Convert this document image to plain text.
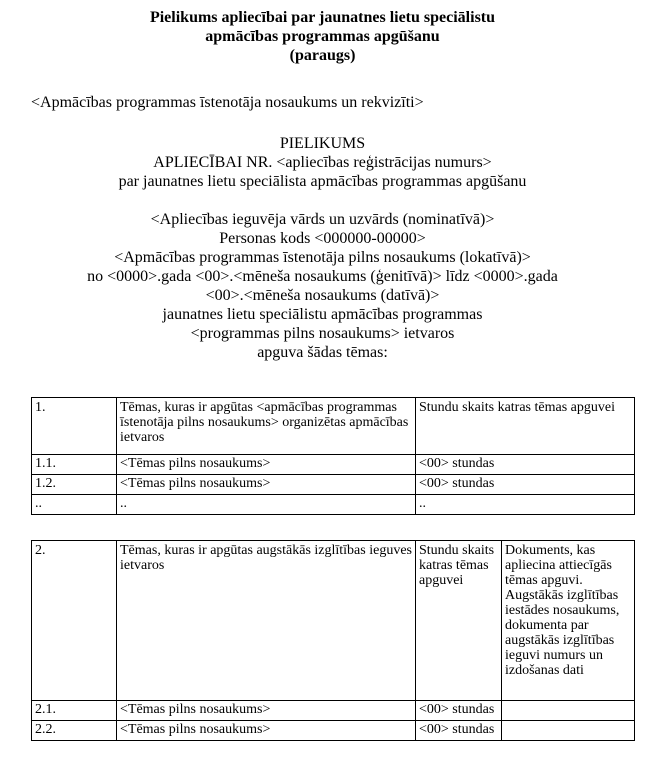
Pielikums apliecībai par jaunatnes lietu speciālistu
apmācības programmas apgūšanu
(paraugs)
<Apmācības programmas īstenotāja nosaukums un rekvizīti>
PIELIKUMS
APLIECĪBAI NR. <apliecības reģistrācijas numurs>
par jaunatnes lietu speciālista apmācības programmas apgūšanu
<Apliecības ieguvēja vārds un uzvārds (nominatīvā)>
Personas kods <000000-00000>
<Apmācības programmas īstenotāja pilns nosaukums (lokatīvā)>
no <0000>.gada <00>.<mēneša nosaukums (ģenitīvā)> līdz <0000>.gada
<00>.<mēneša nosaukums (datīvā)>
jaunatnes lietu speciālistu apmācības programmas
<programmas pilns nosaukums> ietvaros
apguva šādas tēmas:
1.	Tēmas, kuras ir apgūtas <apmācības programmas īstenotāja pilns nosaukums> organizētas apmācības ietvaros	Stundu skaits katras tēmas apguvei
1.1.	<Tēmas pilns nosaukums>	<00> stundas
1.2.	<Tēmas pilns nosaukums>	<00> stundas
..	..	..
2.	Tēmas, kuras ir apgūtas augstākās izglītības ieguves ietvaros	Stundu skaits katras tēmas apguvei	Dokuments, kas apliecina attiecīgās tēmas apguvi. Augstākās izglītības iestādes nosaukums, dokumenta par augstākās izglītības ieguvi numurs un izdošanas dati
2.1.	<Tēmas pilns nosaukums>	<00> stundas	
2.2.	<Tēmas pilns nosaukums>	<00> stundas	
